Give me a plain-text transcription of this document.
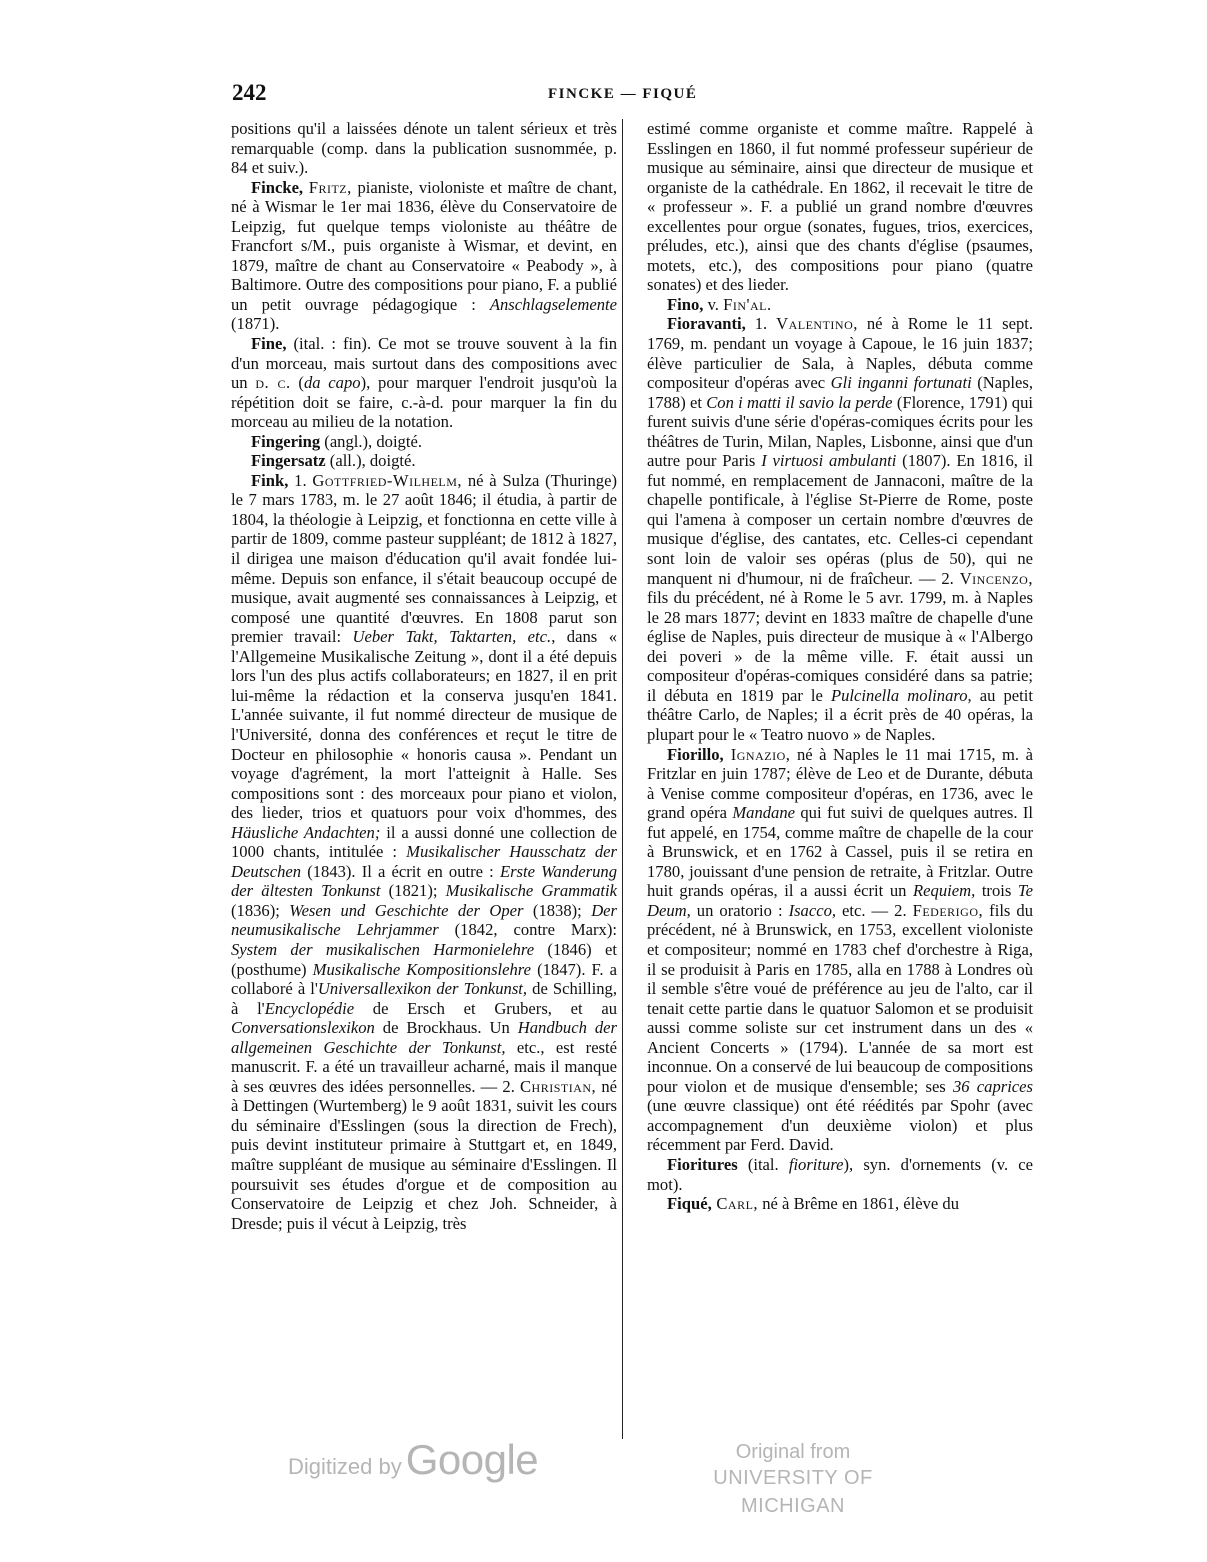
242	FINCKE — FIQUÉ

positions qu'il a laissées dénote un talent sérieux et très remarquable (comp. dans la publication susnommée, p. 84 et suiv.).

Fincke, Fritz, pianiste, violoniste et maître de chant, né à Wismar le 1er mai 1836, élève du Conservatoire de Leipzig, fut quelque temps violoniste au théâtre de Francfort s/M., puis organiste à Wismar, et devint, en 1879, maître de chant au Conservatoire « Peabody », à Baltimore. Outre des compositions pour piano, F. a publié un petit ouvrage pédagogique : Anschlagselemente (1871).

Fine, (ital. : fin). Ce mot se trouve souvent à la fin d'un morceau, mais surtout dans des compositions avec un d. c. (da capo), pour marquer l'endroit jusqu'où la répétition doit se faire, c.-à-d. pour marquer la fin du morceau au milieu de la notation.

Fingering (angl.), doigté.

Fingersatz (all.), doigté.

Fink, 1. Gottfried-Wilhelm, né à Sulza (Thuringe) le 7 mars 1783, m. le 27 août 1846; il étudia, à partir de 1804, la théologie à Leipzig, et fonctionna en cette ville à partir de 1809, comme pasteur suppléant; de 1812 à 1827, il dirigea une maison d'éducation qu'il avait fondée lui-même. Depuis son enfance, il s'était beaucoup occupé de musique, avait augmenté ses connaissances à Leipzig, et composé une quantité d'œuvres. En 1808 parut son premier travail: Ueber Takt, Taktarten, etc., dans « l'Allgemeine Musikalische Zeitung », dont il a été depuis lors l'un des plus actifs collaborateurs; en 1827, il en prit lui-même la rédaction et la conserva jusqu'en 1841. L'année suivante, il fut nommé directeur de musique de l'Université, donna des conférences et reçut le titre de Docteur en philosophie « honoris causa ». Pendant un voyage d'agrément, la mort l'atteignit à Halle. Ses compositions sont : des morceaux pour piano et violon, des lieder, trios et quatuors pour voix d'hommes, des Häusliche Andachten; il a aussi donné une collection de 1000 chants, intitulée : Musikalischer Hausschatz der Deutschen (1843). Il a écrit en outre : Erste Wanderung der ältesten Tonkunst (1821); Musikalische Grammatik (1836); Wesen und Geschichte der Oper (1838); Der neumusikalische Lehrjammer (1842, contre Marx): System der musikalischen Harmonielehre (1846) et (posthume) Musikalische Kompositionslehre (1847). F. a collaboré à l'Universallexikon der Tonkunst, de Schilling, à l'Encyclopédie de Ersch et Grubers, et au Conversationslexikon de Brockhaus. Un Handbuch der allgemeinen Geschichte der Tonkunst, etc., est resté manuscrit. F. a été un travailleur acharné, mais il manque à ses œuvres des idées personnelles. — 2. Christian, né à Dettingen (Wurtemberg) le 9 août 1831, suivit les cours du séminaire d'Esslingen (sous la direction de Frech), puis devint instituteur primaire à Stuttgart et, en 1849, maître suppléant de musique au séminaire d'Esslingen. Il poursuivit ses études d'orgue et de composition au Conservatoire de Leipzig et chez Joh. Schneider, à Dresde; puis il vécut à Leipzig, très

estimé comme organiste et comme maître. Rappelé à Esslingen en 1860, il fut nommé professeur supérieur de musique au séminaire, ainsi que directeur de musique et organiste de la cathédrale. En 1862, il recevait le titre de « professeur ». F. a publié un grand nombre d'œuvres excellentes pour orgue (sonates, fugues, trios, exercices, préludes, etc.), ainsi que des chants d'église (psaumes, motets, etc.), des compositions pour piano (quatre sonates) et des lieder.

Fino, v. Fin'al.

Fioravanti, 1. Valentino, né à Rome le 11 sept. 1769, m. pendant un voyage à Capoue, le 16 juin 1837; élève particulier de Sala, à Naples, débuta comme compositeur d'opéras avec Gli inganni fortunati (Naples, 1788) et Con i matti il savio la perde (Florence, 1791) qui furent suivis d'une série d'opéras-comiques écrits pour les théâtres de Turin, Milan, Naples, Lisbonne, ainsi que d'un autre pour Paris I virtuosi ambulanti (1807). En 1816, il fut nommé, en remplacement de Jannaconi, maître de la chapelle pontificale, à l'église St-Pierre de Rome, poste qui l'amena à composer un certain nombre d'œuvres de musique d'église, des cantates, etc. Celles-ci cependant sont loin de valoir ses opéras (plus de 50), qui ne manquent ni d'humour, ni de fraîcheur. — 2. Vincenzo, fils du précédent, né à Rome le 5 avr. 1799, m. à Naples le 28 mars 1877; devint en 1833 maître de chapelle d'une église de Naples, puis directeur de musique à « l'Albergo dei poveri » de la même ville. F. était aussi un compositeur d'opéras-comiques considéré dans sa patrie; il débuta en 1819 par le Pulcinella molinaro, au petit théâtre Carlo, de Naples; il a écrit près de 40 opéras, la plupart pour le « Teatro nuovo » de Naples.

Fiorillo, Ignazio, né à Naples le 11 mai 1715, m. à Fritzlar en juin 1787; élève de Leo et de Durante, débuta à Venise comme compositeur d'opéras, en 1736, avec le grand opéra Mandane qui fut suivi de quelques autres. Il fut appelé, en 1754, comme maître de chapelle de la cour à Brunswick, et en 1762 à Cassel, puis il se retira en 1780, jouissant d'une pension de retraite, à Fritzlar. Outre huit grands opéras, il a aussi écrit un Requiem, trois Te Deum, un oratorio : Isacco, etc. — 2. Federigo, fils du précédent, né à Brunswick, en 1753, excellent violoniste et compositeur; nommé en 1783 chef d'orchestre à Riga, il se produisit à Paris en 1785, alla en 1788 à Londres où il semble s'être voué de préférence au jeu de l'alto, car il tenait cette partie dans le quatuor Salomon et se produisit aussi comme soliste sur cet instrument dans un des « Ancient Concerts » (1794). L'année de sa mort est inconnue. On a conservé de lui beaucoup de compositions pour violon et de musique d'ensemble; ses 36 caprices (une œuvre classique) ont été réédités par Spohr (avec accompagnement d'un deuxième violon) et plus récemment par Ferd. David.

Fioritures (ital. fioriture), syn. d'ornements (v. ce mot).

Fiqué, Carl, né à Brême en 1861, élève du

Digitized byGoogle	Original from
UNIVERSITY OF MICHIGAN
